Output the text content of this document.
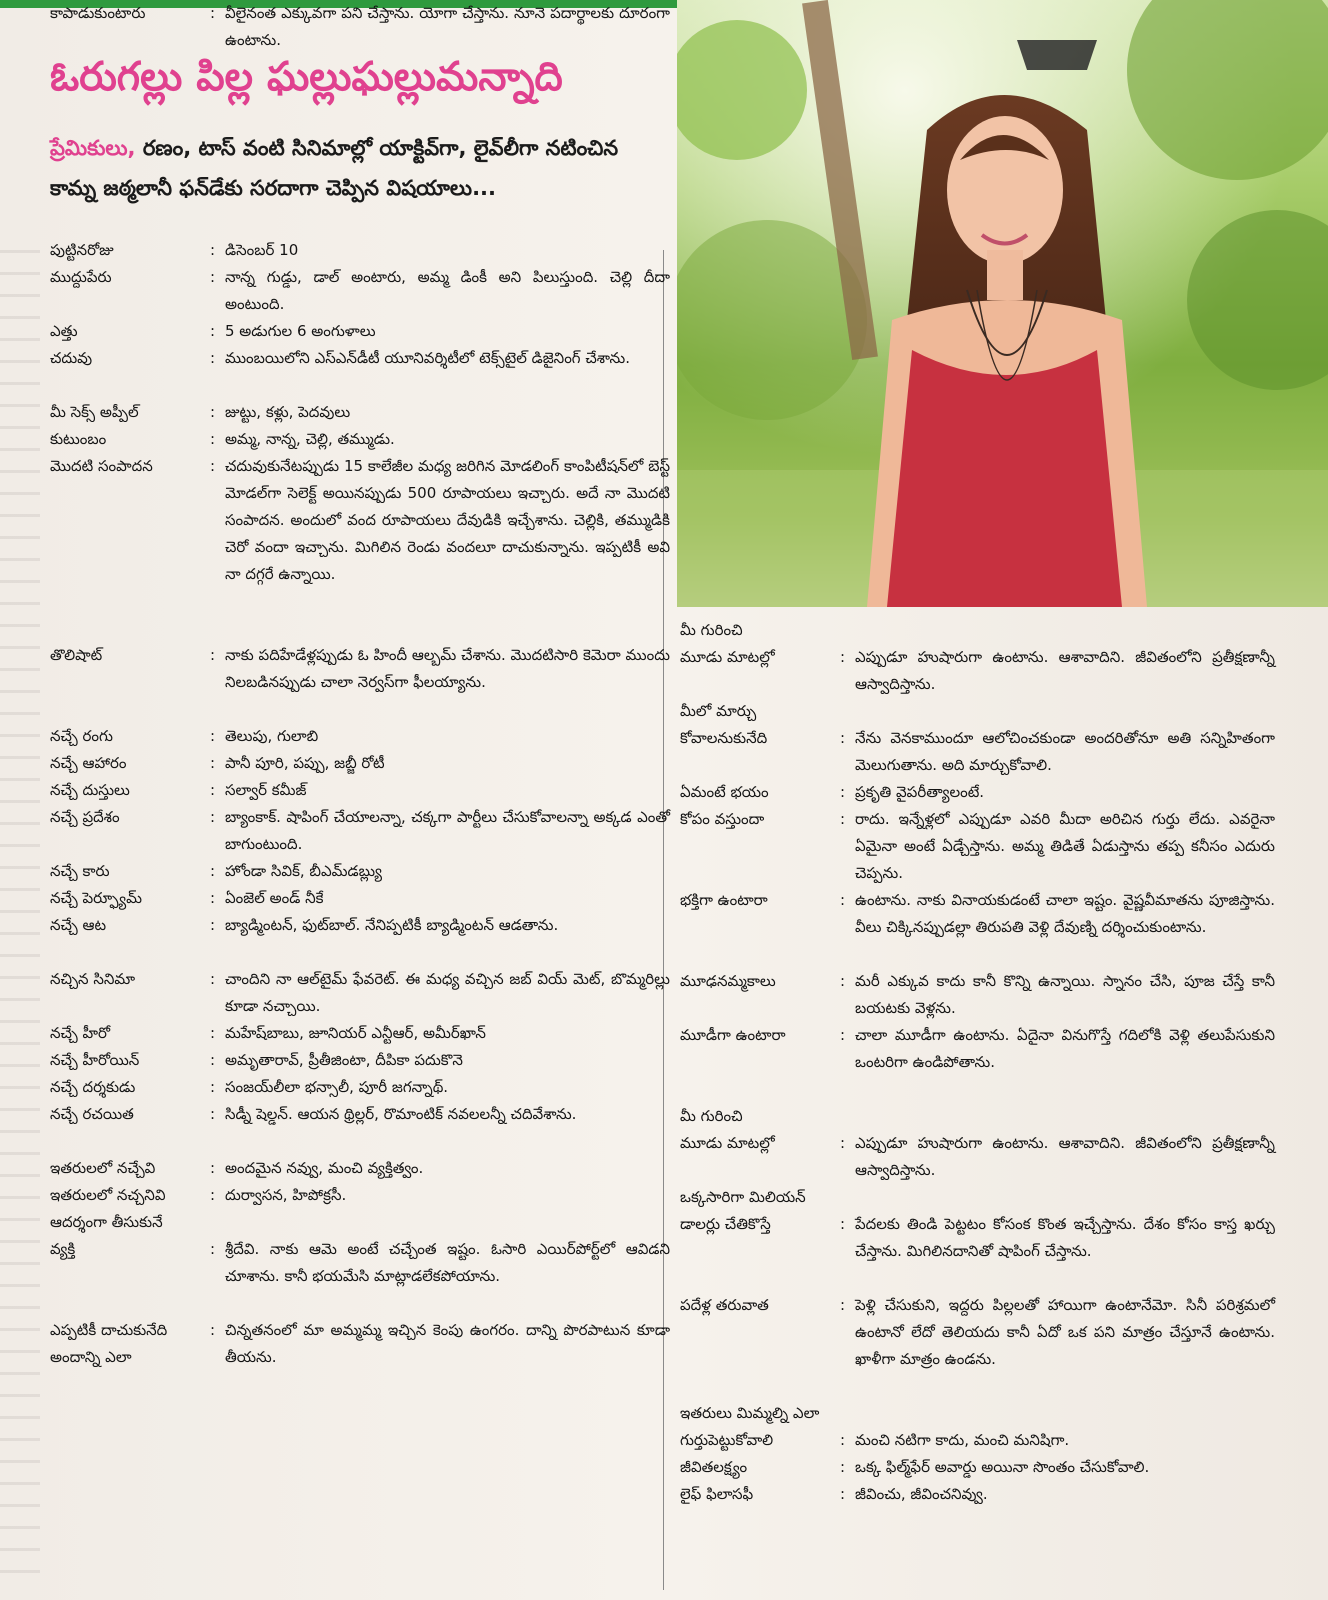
ఓరుగల్లు పిల్ల ఘల్లుఘల్లుమన్నాది
ప్రేమికులు, రణం, టాస్ వంటి సినిమాల్లో యాక్టివ్‌గా, లైవ్‌లీగా నటించిన
కామ్న జఠ్మలానీ ఫన్‌డేకు సరదాగా చెప్పిన విషయాలు...
పుట్టినరోజు	: డిసెంబర్ 10
ముద్దుపేరు	: నాన్న గుడ్డు, డాల్ అంటారు, అమ్మ డింకీ అని పిలుస్తుంది. చెల్లి దీదా అంటుంది.
ఎత్తు	: 5 అడుగుల 6 అంగుళాలు
చదువు	: ముంబయిలోని ఎస్‌ఎన్‌డీటీ యూనివర్శిటీలో టెక్స్‌టైల్ డిజైనింగ్ చేశాను.
మీ సెక్స్ అప్పీల్	: జుట్టు, కళ్లు, పెదవులు
కుటుంబం	: అమ్మ, నాన్న, చెల్లి, తమ్ముడు.
మొదటి సంపాదన	: చదువుకునేటప్పుడు 15 కాలేజీల మధ్య జరిగిన మోడలింగ్ కాంపిటీషన్‌లో బెస్ట్ మోడల్‌గా సెలెక్ట్ అయినప్పుడు 500 రూపాయలు ఇచ్చారు. అదే నా మొదటి సంపాదన. అందులో వంద రూపాయలు దేవుడికి ఇచ్చేశాను. చెల్లికి, తమ్ముడికి చెరో వందా ఇచ్చాను. మిగిలిన రెండు వందలూ దాచుకున్నాను. ఇప్పటికీ అవి నా దగ్గరే ఉన్నాయి.
తొలిషాట్	: నాకు పదిహేడేళ్లప్పుడు ఓ హిందీ ఆల్బమ్ చేశాను. మొదటిసారి కెమెరా ముందు నిలబడినప్పుడు చాలా నెర్వస్‌గా ఫీలయ్యాను.
నచ్చే రంగు	: తెలుపు, గులాబి
నచ్చే ఆహారం	: పానీ పూరి, పప్పు, జబ్జీ రోటీ
నచ్చే దుస్తులు	: సల్వార్ కమీజ్
నచ్చే ప్రదేశం	: బ్యాంకాక్. షాపింగ్ చేయాలన్నా, చక్కగా పార్టీలు చేసుకోవాలన్నా అక్కడ ఎంతో బాగుంటుంది.
నచ్చే కారు	: హోండా సివిక్, బీఎమ్‌డబ్ల్యు
నచ్చే పెర్ఫ్యూమ్	: ఏంజెల్ అండ్ నీకే
నచ్చే ఆట	: బ్యాడ్మింటన్, ఫుట్‌బాల్. నేనిప్పటికీ బ్యాడ్మింటన్ ఆడతాను.
నచ్చిన సినిమా	: చాందిని నా ఆల్‌టైమ్ ఫేవరెట్. ఈ మధ్య వచ్చిన జబ్ వియ్ మెట్, బొమ్మరిల్లు కూడా నచ్చాయి.
నచ్చే హీరో	: మహేష్‌బాబు, జూనియర్ ఎన్టీఆర్, అమీర్‌ఖాన్
నచ్చే హీరోయిన్	: అమృతారావ్, ప్రీతీజింటా, దీపికా పదుకొనె
నచ్చే దర్శకుడు	: సంజయ్‌లీలా భన్సాలీ, పూరీ జగన్నాథ్.
నచ్చే రచయిత	: సిడ్నీ షెల్డన్. ఆయన థ్రిల్లర్, రొమాంటిక్ నవలలన్నీ చదివేశాను.
ఇతరులలో నచ్చేవి	: అందమైన నవ్వు, మంచి వ్యక్తిత్వం.
ఇతరులలో నచ్చనివి	: దుర్వాసన, హిపోక్రసీ.
ఆదర్శంగా తీసుకునే
వ్యక్తి	: శ్రీదేవి. నాకు ఆమె అంటే చచ్చేంత ఇష్టం. ఓసారి ఎయిర్‌పోర్ట్‌లో ఆవిడని చూశాను. కానీ భయమేసి మాట్లాడలేకపోయాను.
ఎప్పటికీ దాచుకునేది	: చిన్నతనంలో మా అమ్మమ్మ ఇచ్చిన కెంపు ఉంగరం. దాన్ని పొరపాటున కూడా తీయను.
అందాన్ని ఎలా
కాపాడుకుంటారు	: వీలైనంత ఎక్కువగా పని చేస్తాను. యోగా చేస్తాను. నూనె పదార్థాలకు దూరంగా ఉంటాను.
మీ గురించి
మూడు మాటల్లో	: ఎప్పుడూ హుషారుగా ఉంటాను. ఆశావాదిని. జీవితంలోని ప్రతీక్షణాన్నీ ఆస్వాదిస్తాను.
మీలో మార్చు
కోవాలనుకునేది	: నేను వెనకాముందూ ఆలోచించకుండా అందరితోనూ అతి సన్నిహితంగా మెలుగుతాను. అది మార్చుకోవాలి.
ఏమంటే భయం	: ప్రకృతి వైపరీత్యాలంటే.
కోపం వస్తుందా	: రాదు. ఇన్నేళ్లలో ఎప్పుడూ ఎవరి మీదా అరిచిన గుర్తు లేదు. ఎవరైనా ఏమైనా అంటే ఏడ్చేస్తాను. అమ్మ తిడితే ఏడుస్తాను తప్ప కనీసం ఎదురు చెప్పను.
భక్తిగా ఉంటారా	: ఉంటాను. నాకు వినాయకుడంటే చాలా ఇష్టం. వైష్ణవీమాతను పూజిస్తాను. వీలు చిక్కినప్పుడల్లా తిరుపతి వెళ్లి దేవుణ్ని దర్శించుకుంటాను.
మూఢనమ్మకాలు	: మరీ ఎక్కువ కాదు కానీ కొన్ని ఉన్నాయి. స్నానం చేసి, పూజ చేస్తే కానీ బయటకు వెళ్లను.
మూడీగా ఉంటారా	: చాలా మూడీగా ఉంటాను. ఏదైనా వినుగొస్తే గదిలోకి వెళ్లి తలుపేసుకుని ఒంటరిగా ఉండిపోతాను.
మీ గురించి
మూడు మాటల్లో	: ఎప్పుడూ హుషారుగా ఉంటాను. ఆశావాదిని. జీవితంలోని ప్రతీక్షణాన్నీ ఆస్వాదిస్తాను.
ఒక్కసారిగా మిలియన్
డాలర్లు చేతికొస్తే	: పేదలకు తిండి పెట్టటం కోసంక కొంత ఇచ్చేస్తాను. దేశం కోసం కాస్త ఖర్చు చేస్తాను. మిగిలినదానితో షాపింగ్ చేస్తాను.
పదేళ్ల తరువాత	: పెళ్లి చేసుకుని, ఇద్దరు పిల్లలతో హాయిగా ఉంటానేమో. సినీ పరిశ్రమలో ఉంటానో లేదో తెలియదు కానీ ఏదో ఒక పని మాత్రం చేస్తూనే ఉంటాను. ఖాళీగా మాత్రం ఉండను.
ఇతరులు మిమ్మల్ని ఎలా
గుర్తుపెట్టుకోవాలి	: మంచి నటిగా కాదు, మంచి మనిషిగా.
జీవితలక్ష్యం	: ఒక్క ఫిల్మ్‌ఫేర్ అవార్డు అయినా సొంతం చేసుకోవాలి.
లైఫ్ ఫిలాసఫీ	: జీవించు, జీవించనివ్వు.
